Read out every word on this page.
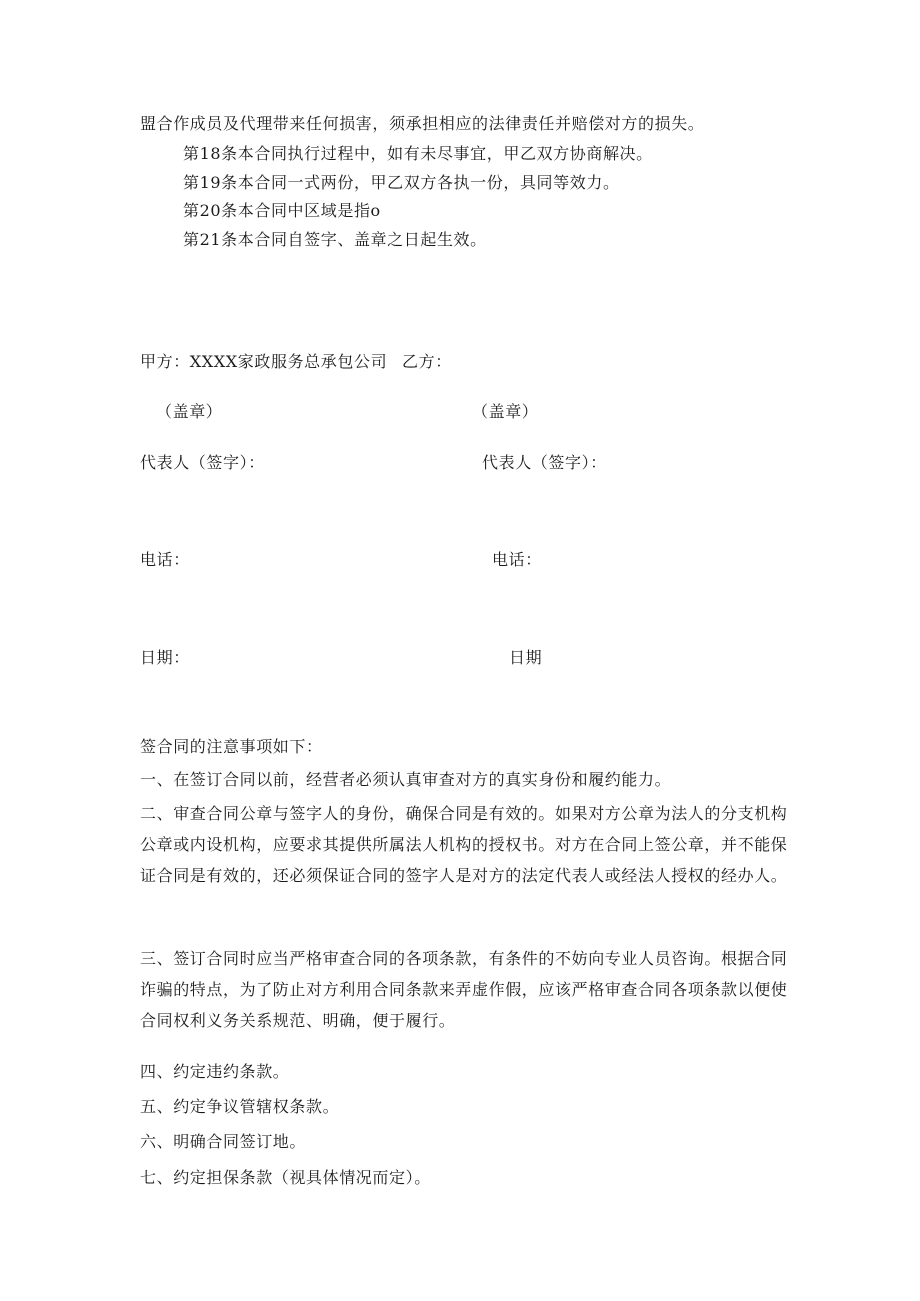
盟合作成员及代理带来任何损害，须承担相应的法律责任并赔偿对方的损失。
第18条本合同执行过程中，如有未尽事宜，甲乙双方协商解决。
第19条本合同一式两份，甲乙双方各执一份，具同等效力。
第20条本合同中区域是指o
第21条本合同自签字、盖章之日起生效。
甲方：XXXX家政服务总承包公司 乙方：
（盖章）	（盖章）
代表人（签字）：	代表人（签字）：
电话：	电话：
日期：	日期
签合同的注意事项如下：
一、在签订合同以前，经营者必须认真审查对方的真实身份和履约能力。
二、审查合同公章与签字人的身份，确保合同是有效的。如果对方公章为法人的分支机构公章或内设机构，应要求其提供所属法人机构的授权书。对方在合同上签公章，并不能保证合同是有效的，还必须保证合同的签字人是对方的法定代表人或经法人授权的经办人。
三、签订合同时应当严格审查合同的各项条款，有条件的不妨向专业人员咨询。根据合同诈骗的特点，为了防止对方利用合同条款来弄虚作假，应该严格审查合同各项条款以便使合同权利义务关系规范、明确，便于履行。
四、约定违约条款。
五、约定争议管辖权条款。
六、明确合同签订地。
七、约定担保条款（视具体情况而定）。
